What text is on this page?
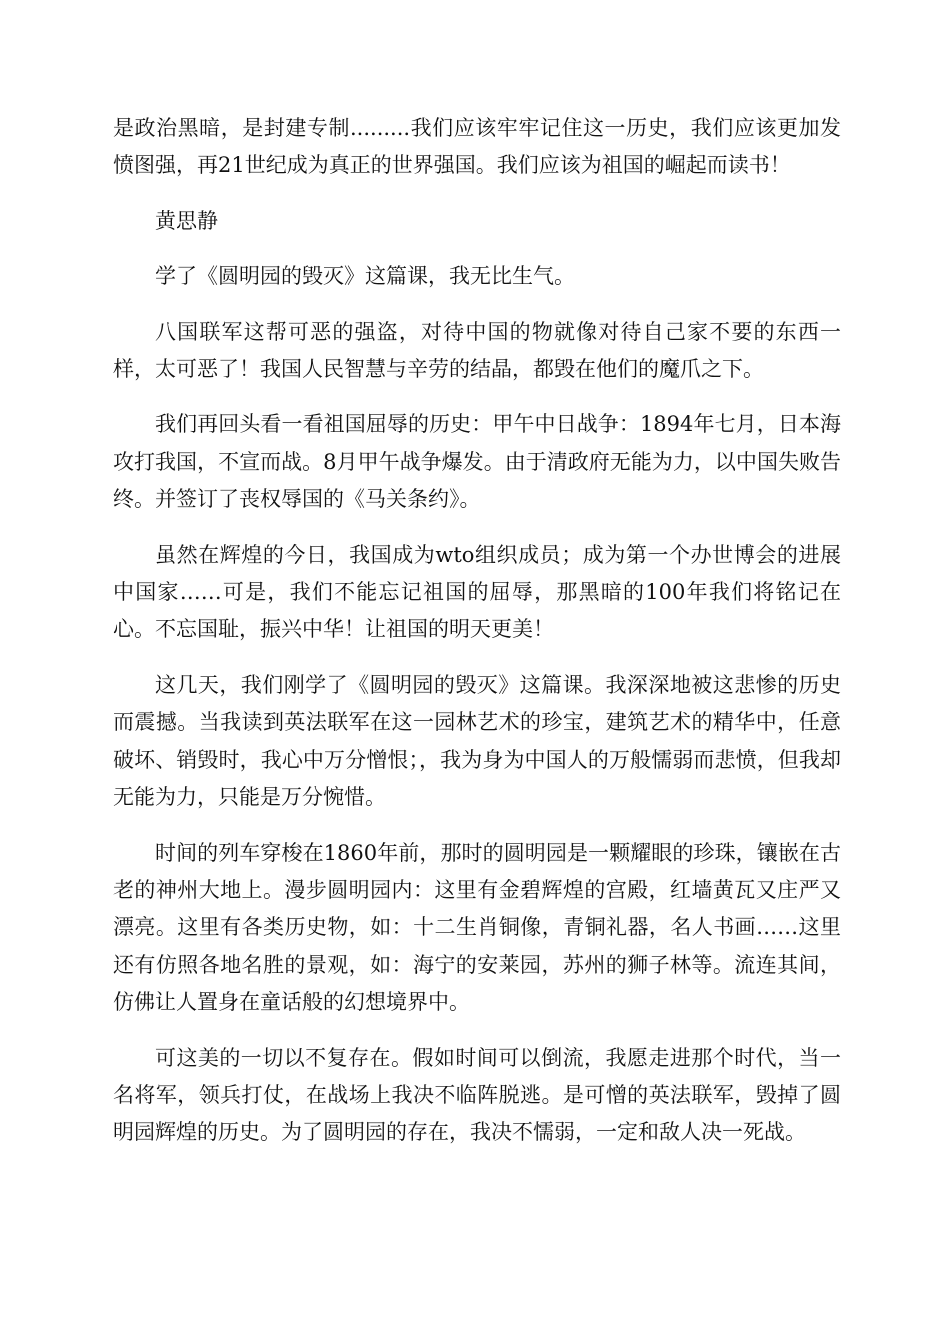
是政治黑暗，是封建专制.........我们应该牢牢记住这一历史，我们应该更加发愤图强，再21世纪成为真正的世界强国。我们应该为祖国的崛起而读书！

黄思静

学了《圆明园的毁灭》这篇课，我无比生气。

八国联军这帮可恶的强盗，对待中国的物就像对待自己家不要的东西一样，太可恶了！我国人民智慧与辛劳的结晶，都毁在他们的魔爪之下。

我们再回头看一看祖国屈辱的历史：甲午中日战争：1894年七月，日本海攻打我国，不宣而战。8月甲午战争爆发。由于清政府无能为力，以中国失败告终。并签订了丧权辱国的《马关条约》。

虽然在辉煌的今日，我国成为wto组织成员；成为第一个办世博会的进展中国家……可是，我们不能忘记祖国的屈辱，那黑暗的100年我们将铭记在心。不忘国耻，振兴中华！让祖国的明天更美！

这几天，我们刚学了《圆明园的毁灭》这篇课。我深深地被这悲惨的历史而震撼。当我读到英法联军在这一园林艺术的珍宝，建筑艺术的精华中，任意破坏、销毁时，我心中万分憎恨；，我为身为中国人的万般懦弱而悲愤，但我却无能为力，只能是万分惋惜。

时间的列车穿梭在1860年前，那时的圆明园是一颗耀眼的珍珠，镶嵌在古老的神州大地上。漫步圆明园内：这里有金碧辉煌的宫殿，红墙黄瓦又庄严又漂亮。这里有各类历史物，如：十二生肖铜像，青铜礼器，名人书画……这里还有仿照各地名胜的景观，如：海宁的安莱园，苏州的狮子林等。流连其间，仿佛让人置身在童话般的幻想境界中。

可这美的一切以不复存在。假如时间可以倒流，我愿走进那个时代，当一名将军，领兵打仗，在战场上我决不临阵脱逃。是可憎的英法联军，毁掉了圆明园辉煌的历史。为了圆明园的存在，我决不懦弱，一定和敌人决一死战。
